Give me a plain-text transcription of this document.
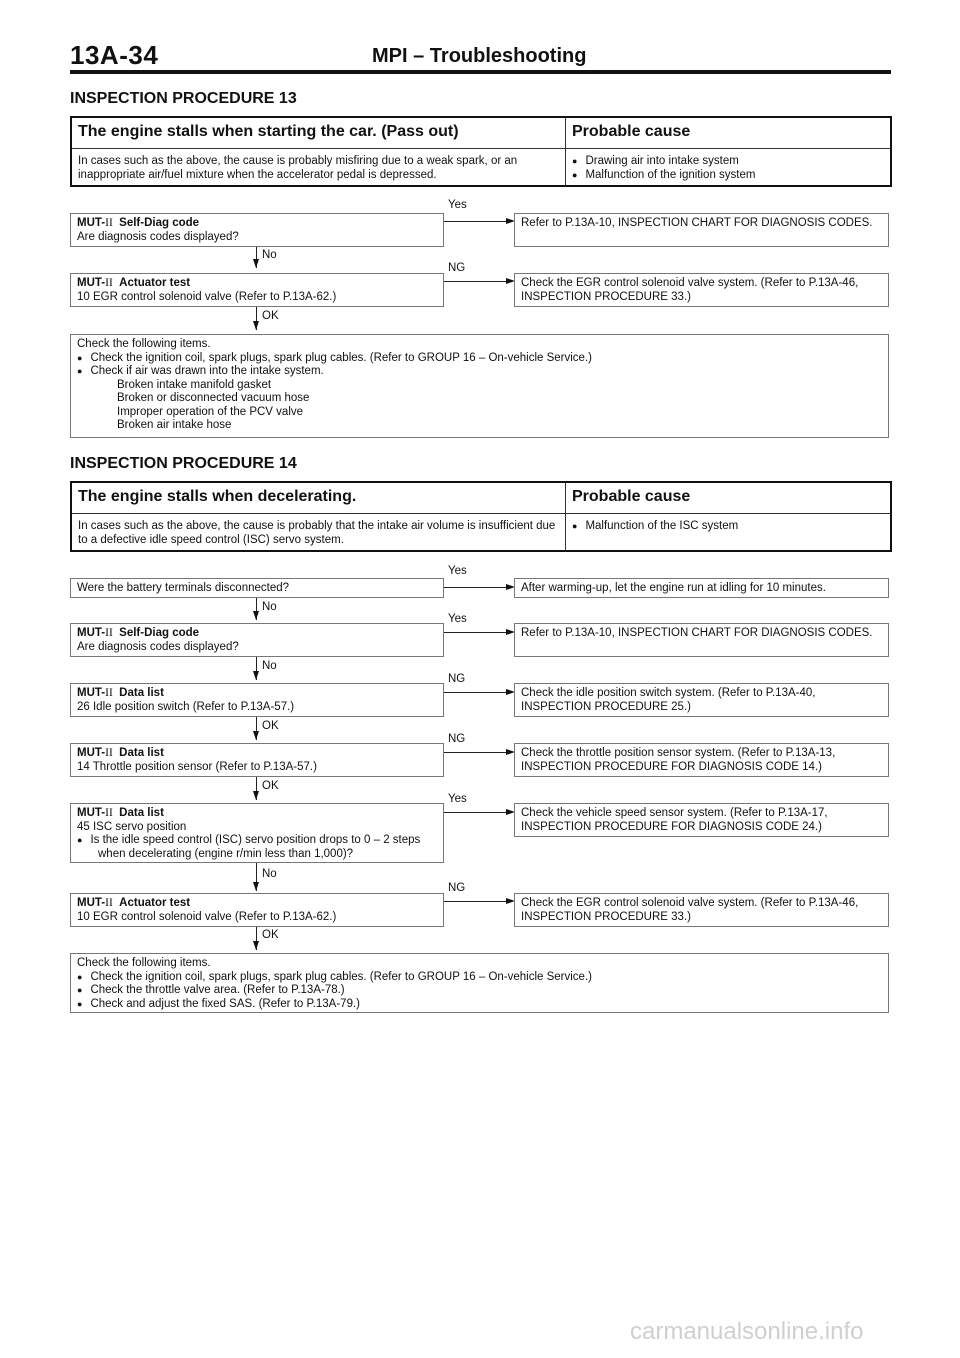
13A-34	MPI – Troubleshooting
INSPECTION PROCEDURE 13
The engine stalls when starting the car. (Pass out)	Probable cause
In cases such as the above, the cause is probably misfiring due to a weak spark, or an inappropriate air/fuel mixture when the accelerator pedal is depressed.	● Drawing air into intake system
● Malfunction of the ignition system
MUT-II Self-Diag code
Are diagnosis codes displayed?
Yes
Refer to P.13A-10, INSPECTION CHART FOR DIAGNOSIS CODES.
No
MUT-II Actuator test
10 EGR control solenoid valve (Refer to P.13A-62.)
NG
Check the EGR control solenoid valve system. (Refer to P.13A-46, INSPECTION PROCEDURE 33.)
OK
Check the following items.
● Check the ignition coil, spark plugs, spark plug cables. (Refer to GROUP 16 – On-vehicle Service.)
● Check if air was drawn into the intake system.
Broken intake manifold gasket
Broken or disconnected vacuum hose
Improper operation of the PCV valve
Broken air intake hose
INSPECTION PROCEDURE 14
The engine stalls when decelerating.	Probable cause
In cases such as the above, the cause is probably that the intake air volume is insufficient due to a defective idle speed control (ISC) servo system.	● Malfunction of the ISC system
Were the battery terminals disconnected?
Yes
After warming-up, let the engine run at idling for 10 minutes.
No
MUT-II Self-Diag code
Are diagnosis codes displayed?
Yes
Refer to P.13A-10, INSPECTION CHART FOR DIAGNOSIS CODES.
No
MUT-II Data list
26 Idle position switch (Refer to P.13A-57.)
NG
Check the idle position switch system. (Refer to P.13A-40, INSPECTION PROCEDURE 25.)
OK
MUT-II Data list
14 Throttle position sensor (Refer to P.13A-57.)
NG
Check the throttle position sensor system. (Refer to P.13A-13, INSPECTION PROCEDURE FOR DIAGNOSIS CODE 14.)
OK
MUT-II Data list
45 ISC servo position
● Is the idle speed control (ISC) servo position drops to 0 – 2 steps when decelerating (engine r/min less than 1,000)?
Yes
Check the vehicle speed sensor system. (Refer to P.13A-17, INSPECTION PROCEDURE FOR DIAGNOSIS CODE 24.)
No
MUT-II Actuator test
10 EGR control solenoid valve (Refer to P.13A-62.)
NG
Check the EGR control solenoid valve system. (Refer to P.13A-46, INSPECTION PROCEDURE 33.)
OK
Check the following items.
● Check the ignition coil, spark plugs, spark plug cables. (Refer to GROUP 16 – On-vehicle Service.)
● Check the throttle valve area. (Refer to P.13A-78.)
● Check and adjust the fixed SAS. (Refer to P.13A-79.)
carmanualsonline.info
